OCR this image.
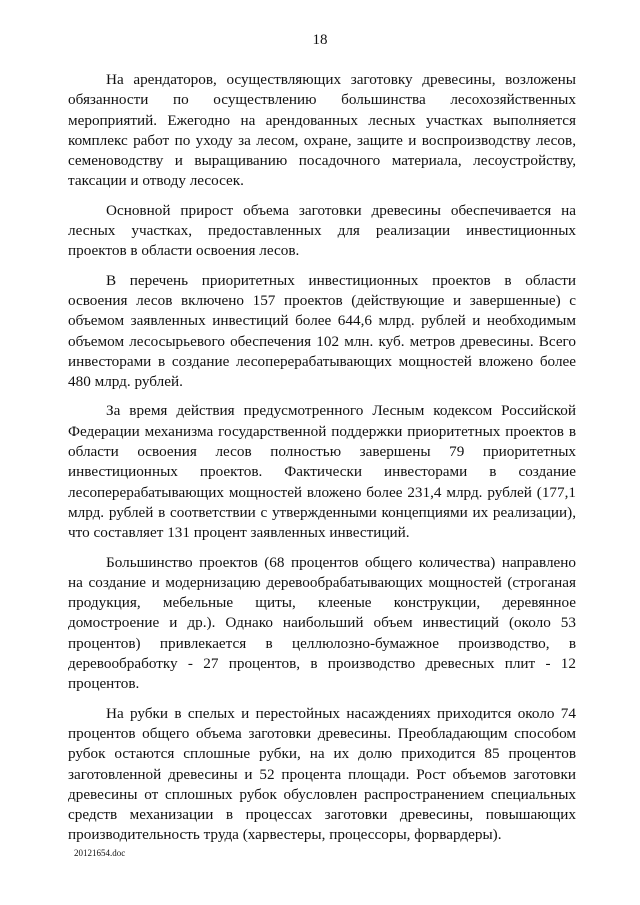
18

На арендаторов, осуществляющих заготовку древесины, возложены обязанности по осуществлению большинства лесохозяйственных мероприятий. Ежегодно на арендованных лесных участках выполняется комплекс работ по уходу за лесом, охране, защите и воспроизводству лесов, семеноводству и выращиванию посадочного материала, лесоустройству, таксации и отводу лесосек.

Основной прирост объема заготовки древесины обеспечивается на лесных участках, предоставленных для реализации инвестиционных проектов в области освоения лесов.

В перечень приоритетных инвестиционных проектов в области освоения лесов включено 157 проектов (действующие и завершенные) с объемом заявленных инвестиций более 644,6 млрд. рублей и необходимым объемом лесосырьевого обеспечения 102 млн. куб. метров древесины. Всего инвесторами в создание лесоперерабатывающих мощностей вложено более 480 млрд. рублей.

За время действия предусмотренного Лесным кодексом Российской Федерации механизма государственной поддержки приоритетных проектов в области освоения лесов полностью завершены 79 приоритетных инвестиционных проектов. Фактически инвесторами в создание лесоперерабатывающих мощностей вложено более 231,4 млрд. рублей (177,1 млрд. рублей в соответствии с утвержденными концепциями их реализации), что составляет 131 процент заявленных инвестиций.

Большинство проектов (68 процентов общего количества) направлено на создание и модернизацию деревообрабатывающих мощностей (строганая продукция, мебельные щиты, клееные конструкции, деревянное домостроение и др.). Однако наибольший объем инвестиций (около 53 процентов) привлекается в целлюлозно-бумажное производство, в деревообработку - 27 процентов, в производство древесных плит - 12 процентов.

На рубки в спелых и перестойных насаждениях приходится около 74 процентов общего объема заготовки древесины. Преобладающим способом рубок остаются сплошные рубки, на их долю приходится 85 процентов заготовленной древесины и 52 процента площади. Рост объемов заготовки древесины от сплошных рубок обусловлен распространением специальных средств механизации в процессах заготовки древесины, повышающих производительность труда (харвестеры, процессоры, форвардеры).

20121654.doc
